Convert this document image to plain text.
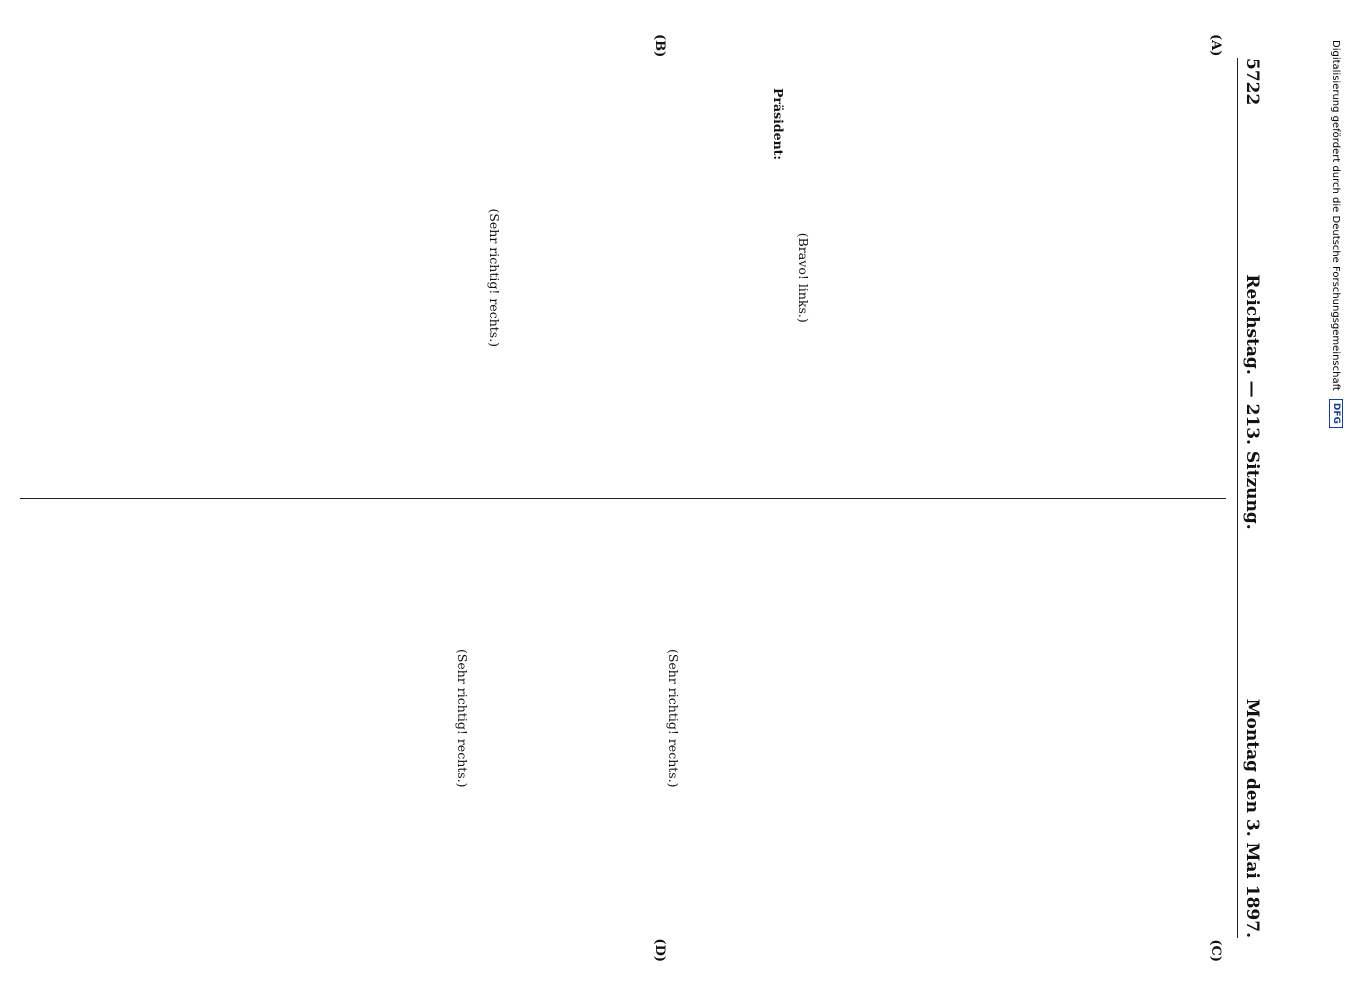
5722
Reichstag. — 213. Sitzung.
Montag den 3. Mai 1897.
(A)
(B)

(Bravo! links.)

Präsident:

(Sehr richtig! rechts.)

(C)
(D)

(Sehr richtig! rechts.)

(Sehr richtig! rechts.)

Digitalisierung gefördert durch die Deutsche Forschungsgemeinschaft
DFG
